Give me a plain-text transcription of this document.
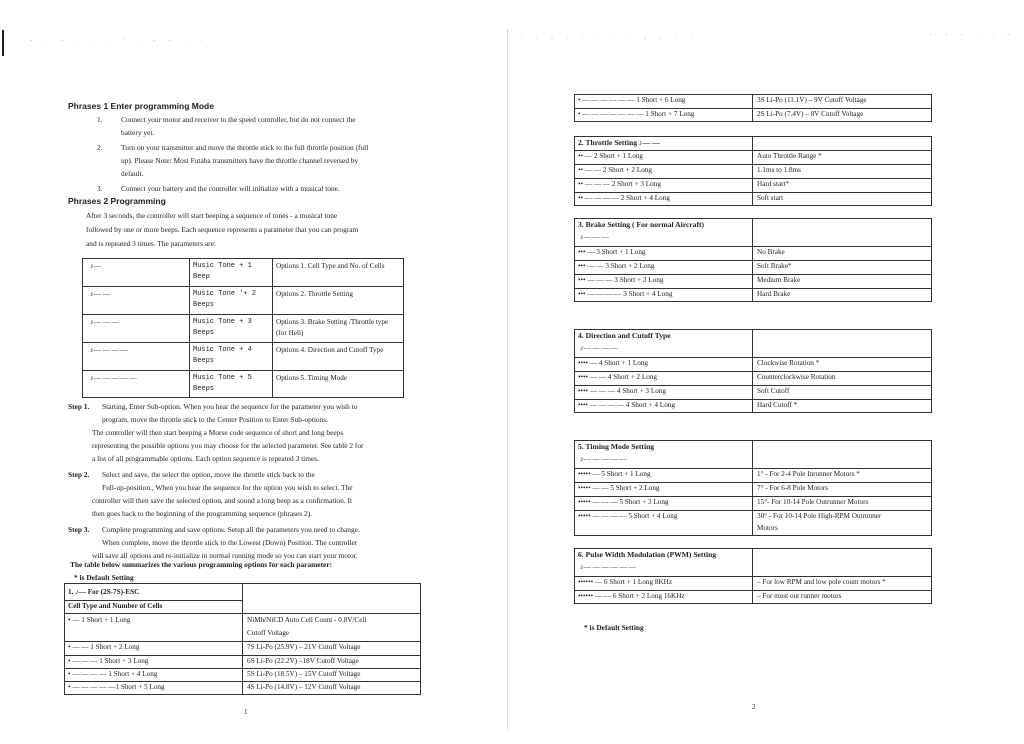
- · - · · · ' · - - · ·	· · - · · · · · - - · ·
- - - · · -
Phrases 1 Enter programming Mode
1. Connect your motor and receiver to the speed controller, but do not connect the
battery yet.
2. Turn on your transmitter and move the throttle stick to the full throttle position (full
up). Please Note: Most Futaba transmitters have the throttle channel reversed by
default.
3. Connect your battery and the controller will initialize with a musical tone.
Phrases 2 Programming
After 3 seconds, the controller will start beeping a sequence of tones - a musical tone
followed by one or more beeps. Each sequence represents a parameter that you can program
and is repeated 3 times. The parameters are:
♪—	Music Tone + 1
Beep
Options 1. Cell Type and No. of Cells
♪— —	Music Tone '+ 2
Beeps
Options 2. Throttle Setting
♪— — —	Music Tone + 3
Beeps
Options 3. Brake Setting /Throttle type
(for Heli)
♪— — — —	Music Tone + 4
Beeps
Options 4. Direction and Cutoff Type
♪— — — — —	Music Tone + 5
Beeps
Options 5. Timing Mode
Step 1. Starting, Enter Sub-option. When you hear the sequence for the parameter you wish to
program, move the throttle stick to the Center Position to Enter Sub-options.
The controller will then start beeping a Morse code sequence of short and long beeps
representing the possible options you may choose for the selected parameter. See table 2 for
a list of all programmable options. Each option sequence is repeated 3 times.
Step 2. Select and save, the select the option, move the throttle stick back to the
Full-up-position., When you hear the sequence for the option you wish to select. The
controller will then save the selected option, and sound a long beep as a confirmation. It
then goes back to the beginning of the programming sequence (phrases 2).
Step 3. Complete programming and save options. Setup all the parameters you need to change.
When complete, move the throttle stick to the Lowest (Down) Position. The controller
will save all options and re-initialize in normal running mode so you can start your motor.
The table below summarizes the various programming options for each parameter:
* is Default Setting
1. ♪— For (2S-7S)-ESC
Cell Type and Number of Cells
• — 1 Short + 1 Long	NiMh/NiCD Auto Cell Count - 0.8V/Cell
Cutoff Voltage
• — — 1 Short + 2 Long	7S Li-Po (25.9V) – 21V Cutoff Voltage
• — — — 1 Short + 3 Long	6S Li-Po (22.2V) –18V Cutoff Voltage
• — — — — 1 Short + 4 Long	5S Li-Po (18.5V) – 15V Cutoff Voltage
• — — — — —1 Short + 5 Long	4S Li-Po (14.8V) – 12V Cutoff Voltage
1
• — — — — — — 1 Short + 6 Long	3S Li-Po (11.1V) – 9V Cutoff Voltage
• — — — — — — — 1 Short + 7 Long	2S Li-Po (7.4V) – 8V Cutoff Voltage
2. Throttle Setting ♪— —
•• — 2 Short + 1 Long	Auto Throttle Range *
•• — — 2 Short + 2 Long	1.1ms to 1.8ms
•• — — — 2 Short + 3 Long	Hard start*
•• — — — — 2 Short + 4 Long	Soft start
3. Brake Setting ( For normal Aircraft)
♪— — —
••• — 3 Short + 1 Long	No Brake
••• — — 3 Short + 2 Long	Soft Brake*
••• — — — 3 Short + 3 Long	Medium Brake
••• — — — — 3 Short + 4 Long	Hard Brake
4. Direction and Cutoff Type
♪— — — —
•••• — 4 Short + 1 Long	Clockwise Rotation *
•••• — — 4 Short + 2 Long	Counterclockwise Rotation
•••• — — — 4 Short + 3 Long	Soft Cutoff
•••• — — — — 4 Short + 4 Long	Hard Cutoff *
5. Timing Mode Setting
♪— — — — —
••••• — 5 Short + 1 Long	1° - For 2-4 Pole Inrunner Motors *
••••• — — 5 Short + 2 Long	7° - For 6-8 Pole Motors
••••• — — — 5 Short + 3 Long	15°- For 10-14 Pole Outrunner Motors
••••• — — — — 5 Short + 4 Long	30° - For 10-14 Pole High-RPM Outrunner
Motors
6. Pulse Width Modulation (PWM) Setting
♪— — — — — —
•••••• — 6 Short + 1 Long 8KHz	– For low RPM and low pole count motors *
•••••• — — 6 Short + 2 Long 16KHz	– For most out runner motors
* is Default Setting
2
